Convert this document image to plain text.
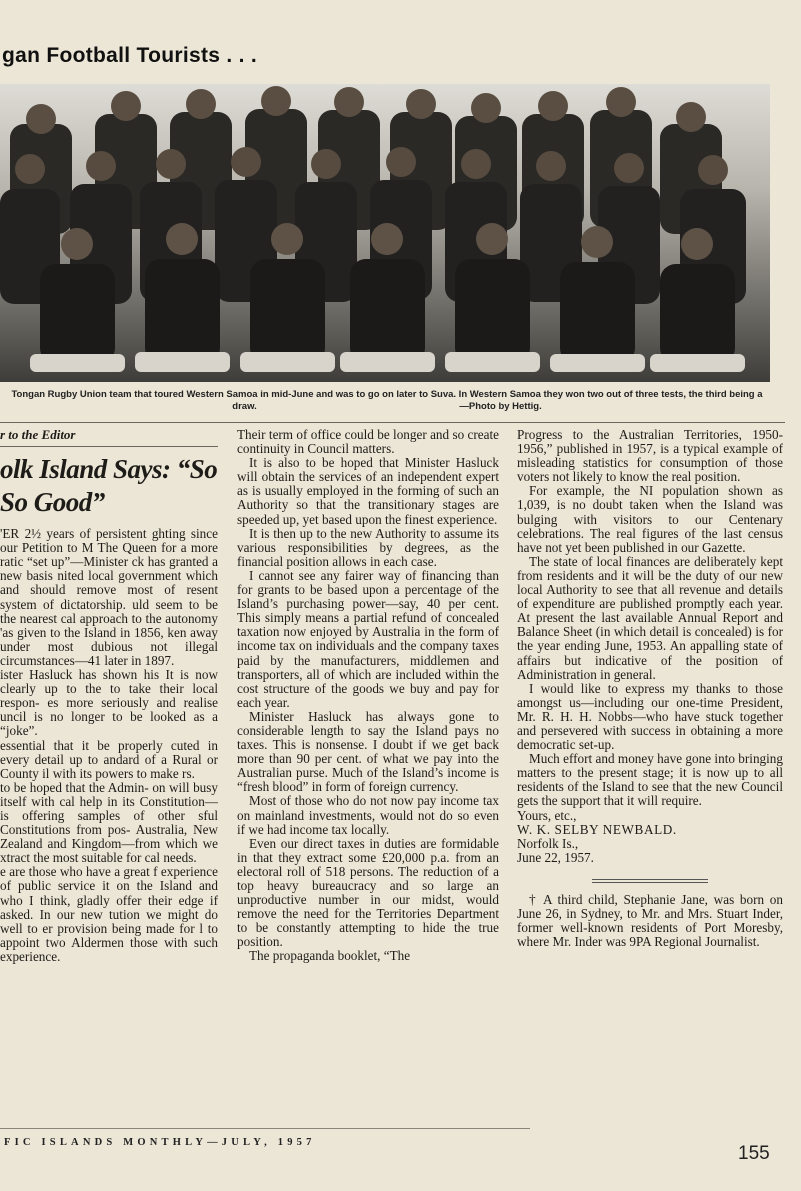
gan Football Tourists . . .

Tongan Rugby Union team that toured Western Samoa in mid-June and was to go on later to Suva. In Western Samoa they won two out of three tests, the third being a draw.	—Photo by Hettig.

r to the Editor
olk Island Says: “So
So Good”

'ER 2½ years of persistent ghting since our Petition to M The Queen for a more ratic “set up”—Minister ck has granted a new basis nited local government which and should remove most of resent system of dictatorship. uld seem to be the nearest cal approach to the autonomy 'as given to the Island in 1856, ken away under most dubious not illegal circumstances—41 later in 1897.

ister Hasluck has shown his It is now clearly up to the to take their local respon- es more seriously and realise uncil is no longer to be looked as a “joke”.

essential that it be properly cuted in every detail up to andard of a Rural or County il with its powers to make rs.

to be hoped that the Admin- on will busy itself with cal help in its Constitution— is offering samples of other sful Constitutions from pos- Australia, New Zealand and Kingdom—from which we xtract the most suitable for cal needs.

e are those who have a great f experience of public service it on the Island and who I think, gladly offer their edge if asked. In our new tution we might do well to er provision being made for l to appoint two Aldermen those with such experience.

Their term of office could be longer and so create continuity in Council matters.

It is also to be hoped that Minister Hasluck will obtain the services of an independent expert as is usually employed in the forming of such an Authority so that the transitionary stages are speeded up, yet based upon the finest experience.

It is then up to the new Authority to assume its various responsibilities by degrees, as the financial position allows in each case.

I cannot see any fairer way of financing than for grants to be based upon a percentage of the Island’s purchasing power—say, 40 per cent. This simply means a partial refund of concealed taxation now enjoyed by Australia in the form of income tax on individuals and the company taxes paid by the manufacturers, middlemen and transporters, all of which are included within the cost structure of the goods we buy and pay for each year.

Minister Hasluck has always gone to considerable length to say the Island pays no taxes. This is nonsense. I doubt if we get back more than 90 per cent. of what we pay into the Australian purse. Much of the Island’s income is “fresh blood” in form of foreign currency.

Most of those who do not now pay income tax on mainland investments, would not do so even if we had income tax locally.

Even our direct taxes in duties are formidable in that they extract some £20,000 p.a. from an electoral roll of 518 persons. The reduction of a top heavy bureaucracy and so large an unproductive number in our midst, would remove the need for the Territories Department to be constantly attempting to hide the true position.

The propaganda booklet, “The

Progress to the Australian Territories, 1950-1956,” published in 1957, is a typical example of misleading statistics for consumption of those voters not likely to know the real position.

For example, the NI population shown as 1,039, is no doubt taken when the Island was bulging with visitors to our Centenary celebrations. The real figures of the last census have not yet been published in our Gazette.

The state of local finances are deliberately kept from residents and it will be the duty of our new local Authority to see that all revenue and details of expenditure are published promptly each year. At present the last available Annual Report and Balance Sheet (in which detail is concealed) is for the year ending June, 1953. An appalling state of affairs but indicative of the position of Administration in general.

I would like to express my thanks to those amongst us—including our one-time President, Mr. R. H. H. Nobbs—who have stuck together and persevered with success in obtaining a more democratic set-up.

Much effort and money have gone into bringing matters to the present stage; it is now up to all residents of the Island to see that the new Council gets the support that it will require.

Yours, etc.,

W. K. SELBY NEWBALD.

Norfolk Is.,

June 22, 1957.

† A third child, Stephanie Jane, was born on June 26, in Sydney, to Mr. and Mrs. Stuart Inder, former well-known residents of Port Moresby, where Mr. Inder was 9PA Regional Journalist.

FIC ISLANDS MONTHLY—JULY, 1957
155
